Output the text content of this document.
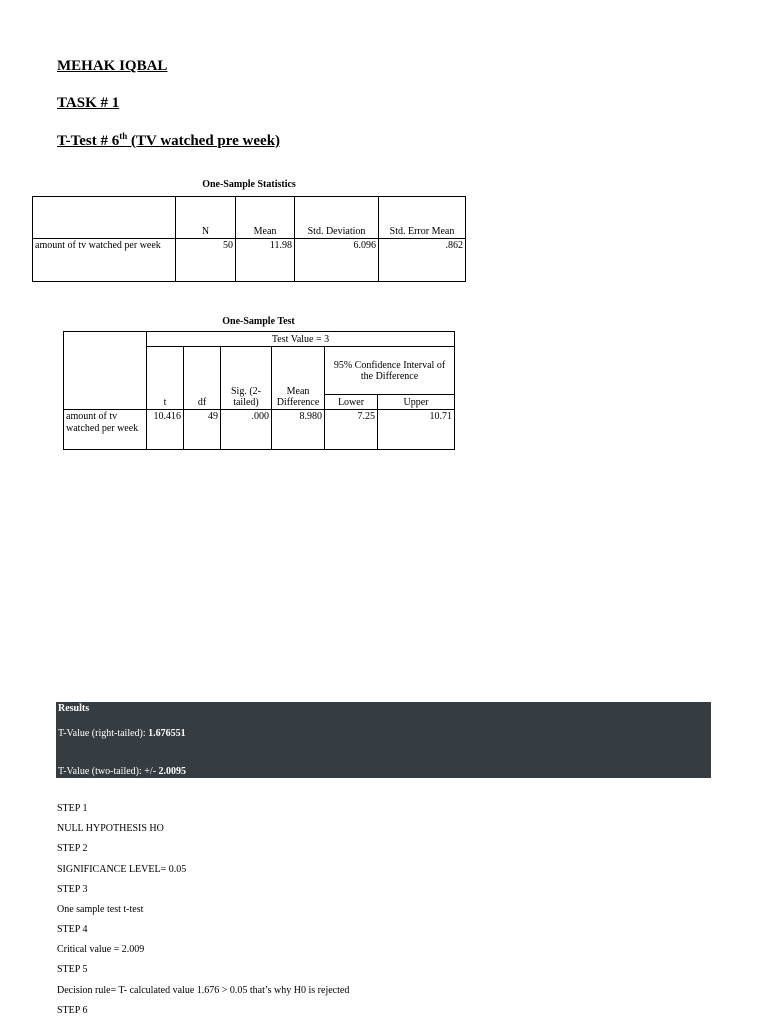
MEHAK IQBAL
TASK # 1
T-Test # 6th (TV watched pre week)
One-Sample Statistics
	N	Mean	Std. Deviation	Std. Error Mean
amount of tv watched per week	50	11.98	6.096	.862
One-Sample Test
	Test Value = 3					
	t	df	Sig. (2-tailed)	Mean Difference	95% Confidence Interval of the Difference	
					Lower	Upper
amount of tv watched per week	10.416	49	.000	8.980	7.25	10.71
Results
T-Value (right-tailed): 1.676551
T-Value (two-tailed): +/- 2.0095
STEP 1
NULL HYPOTHESIS HO
STEP 2
SIGNIFICANCE LEVEL= 0.05
STEP 3
One sample test t-test
STEP 4
Critical value = 2.009
STEP 5
Decision rule= T- calculated value 1.676 > 0.05 that’s why H0 is rejected
STEP 6
